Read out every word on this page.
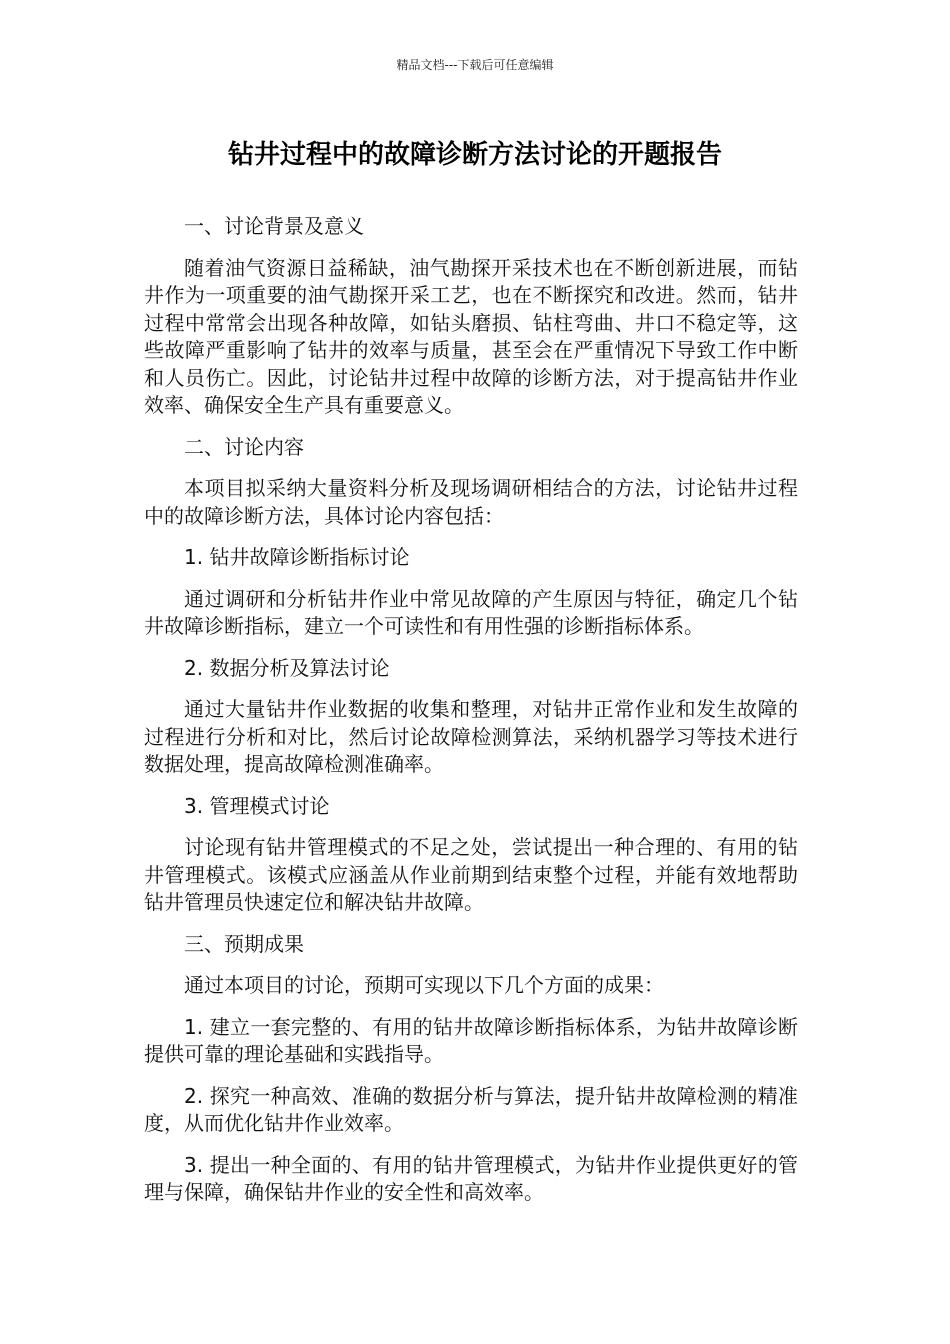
精品文档---下载后可任意编辑
钻井过程中的故障诊断方法讨论的开题报告

一、讨论背景及意义

随着油气资源日益稀缺，油气勘探开采技术也在不断创新进展，而钻井作为一项重要的油气勘探开采工艺，也在不断探究和改进。然而，钻井过程中常常会出现各种故障，如钻头磨损、钻柱弯曲、井口不稳定等，这些故障严重影响了钻井的效率与质量，甚至会在严重情况下导致工作中断和人员伤亡。因此，讨论钻井过程中故障的诊断方法，对于提高钻井作业效率、确保安全生产具有重要意义。

二、讨论内容

本项目拟采纳大量资料分析及现场调研相结合的方法，讨论钻井过程中的故障诊断方法，具体讨论内容包括：

1. 钻井故障诊断指标讨论

通过调研和分析钻井作业中常见故障的产生原因与特征，确定几个钻井故障诊断指标，建立一个可读性和有用性强的诊断指标体系。

2. 数据分析及算法讨论

通过大量钻井作业数据的收集和整理，对钻井正常作业和发生故障的过程进行分析和对比，然后讨论故障检测算法，采纳机器学习等技术进行数据处理，提高故障检测准确率。

3. 管理模式讨论

讨论现有钻井管理模式的不足之处，尝试提出一种合理的、有用的钻井管理模式。该模式应涵盖从作业前期到结束整个过程，并能有效地帮助钻井管理员快速定位和解决钻井故障。

三、预期成果

通过本项目的讨论，预期可实现以下几个方面的成果：

1. 建立一套完整的、有用的钻井故障诊断指标体系，为钻井故障诊断提供可靠的理论基础和实践指导。

2. 探究一种高效、准确的数据分析与算法，提升钻井故障检测的精准度，从而优化钻井作业效率。

3. 提出一种全面的、有用的钻井管理模式，为钻井作业提供更好的管理与保障，确保钻井作业的安全性和高效率。
